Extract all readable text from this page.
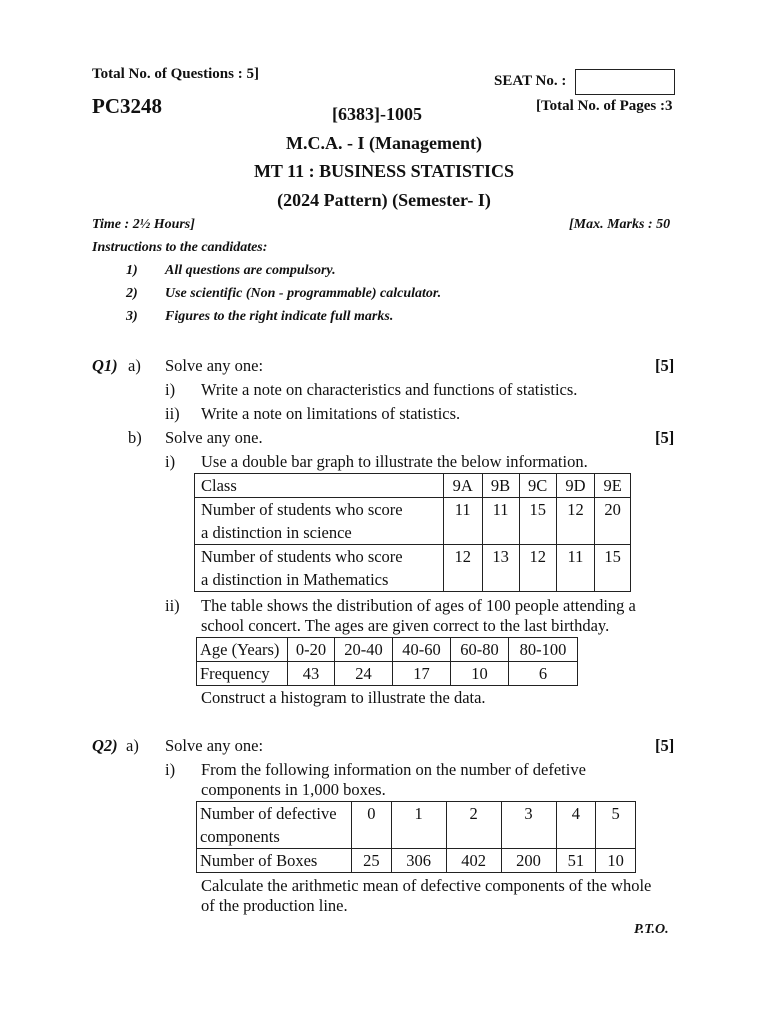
Total No. of Questions : 5]	SEAT No. :
PC3248	[6383]-1005	[Total No. of Pages :3
M.C.A. - I (Management)
MT 11 : BUSINESS STATISTICS
(2024 Pattern) (Semester- I)
Time : 2½ Hours]	[Max. Marks : 50
Instructions to the candidates:
1) All questions are compulsory.
2) Use scientific (Non - programmable) calculator.
3) Figures to the right indicate full marks.
Q1) a) Solve any one:	[5]
i) Write a note on characteristics and functions of statistics.
ii) Write a note on limitations of statistics.
b) Solve any one.	[5]
i) Use a double bar graph to illustrate the below information.
Class	9A	9B	9C	9D	9E

Number of students who score
a distinction in science	11	11	15	12	20

Number of students who score
a distinction in Mathematics	12	13	12	11	15
ii) The table shows the distribution of ages of 100 people attending a
school concert. The ages are given correct to the last birthday.
Age (Years)	0-20	20-40	40-60	60-80	80-100
Frequency	43	24	17	10	6
Construct a histogram to illustrate the data.
Q2) a) Solve any one:	[5]
i) From the following information on the number of defetive
components in 1,000 boxes.
Number of defective
components	0	1	2	3	4	5
Number of Boxes	25	306	402	200	51	10
Calculate the arithmetic mean of defective components of the whole
of the production line.
P.T.O.
